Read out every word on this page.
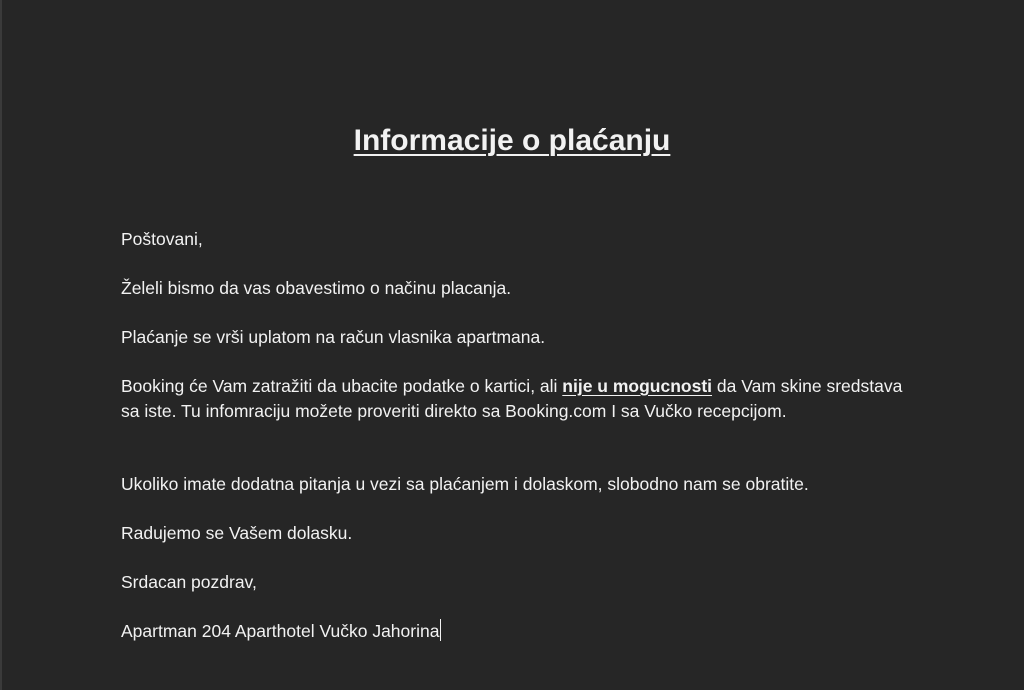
Informacije o plaćanju

Poštovani,

Želeli bismo da vas obavestimo o načinu placanja.

Plaćanje se vrši uplatom na račun vlasnika apartmana.

Booking će Vam zatražiti da ubacite podatke o kartici, ali nije u mogucnosti da Vam skine sredstava sa iste. Tu infomraciju možete proveriti direkto sa Booking.com I sa Vučko recepcijom.

Ukoliko imate dodatna pitanja u vezi sa plaćanjem i dolaskom, slobodno nam se obratite.

Radujemo se Vašem dolasku.

Srdacan pozdrav,

Apartman 204 Aparthotel Vučko Jahorina
